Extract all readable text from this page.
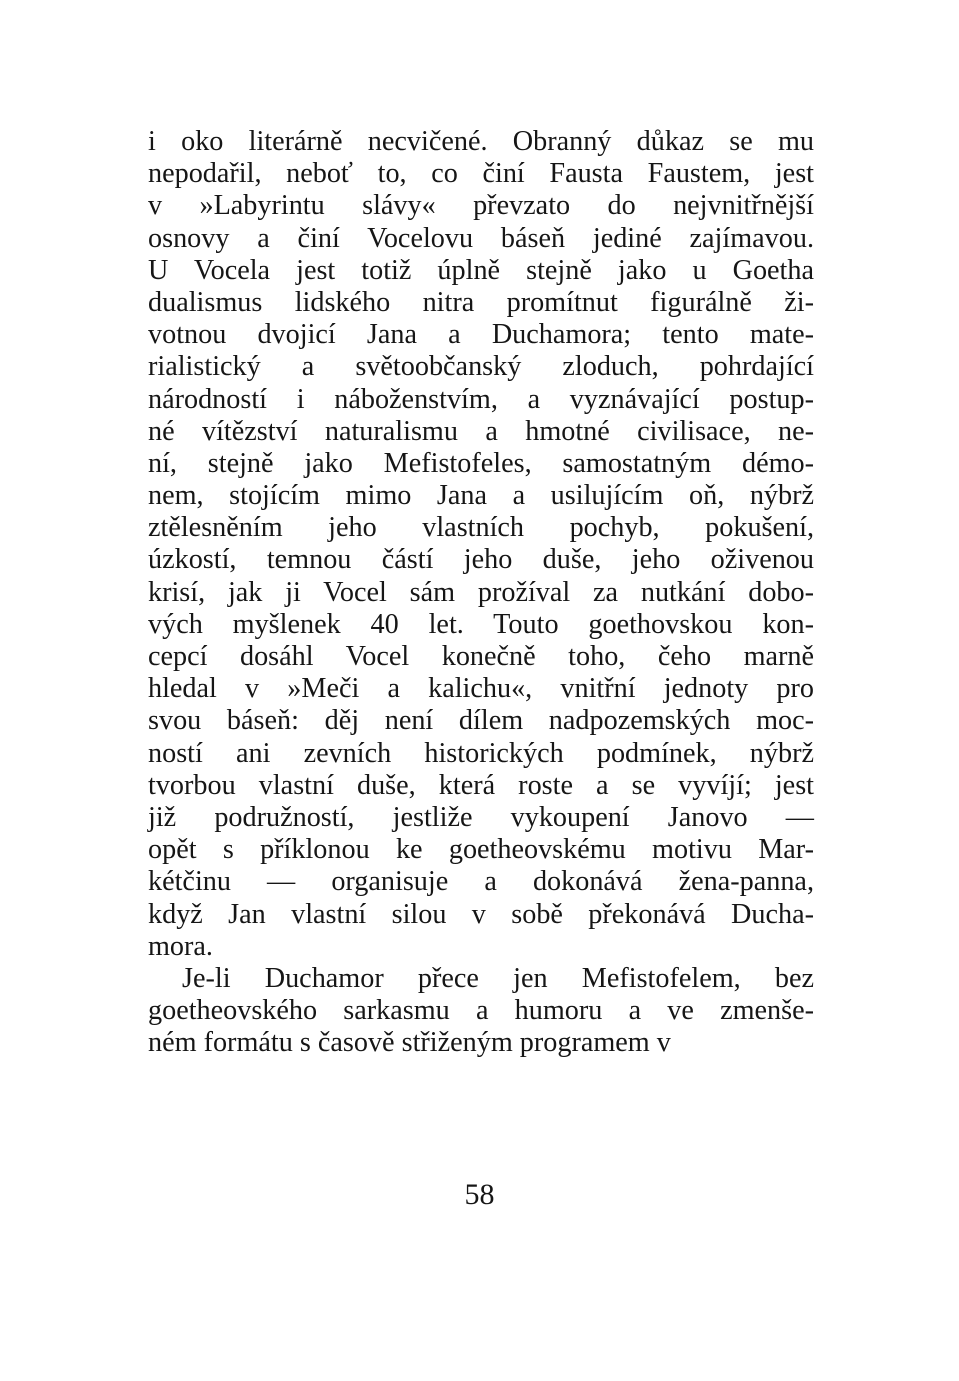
i oko literárně necvičené. Obranný důkaz se mu
nepodařil, neboť to, co činí Fausta Faustem, jest
v »Labyrintu slávy« převzato do nejvnitřnější
osnovy a činí Vocelovu báseň jediné zajímavou.
U Vocela jest totiž úplně stejně jako u Goetha
dualismus lidského nitra promítnut figurálně ži-
votnou dvojicí Jana a Duchamora; tento mate-
rialistický a světoobčanský zloduch, pohrdající
národností i náboženstvím, a vyznávající postup-
né vítězství naturalismu a hmotné civilisace, ne-
ní, stejně jako Mefistofeles, samostatným démo-
nem, stojícím mimo Jana a usilujícím oň, nýbrž
ztělesněním jeho vlastních pochyb, pokušení,
úzkostí, temnou částí jeho duše, jeho oživenou
krisí, jak ji Vocel sám prožíval za nutkání dobo-
vých myšlenek 40 let. Touto goethovskou kon-
cepcí dosáhl Vocel konečně toho, čeho marně
hledal v »Meči a kalichu«, vnitřní jednoty pro
svou báseň: děj není dílem nadpozemských moc-
ností ani zevních historických podmínek, nýbrž
tvorbou vlastní duše, která roste a se vyvíjí; jest
již podružností, jestliže vykoupení Janovo —
opět s příklonou ke goetheovskému motivu Mar-
kétčinu — organisuje a dokonává žena-panna,
když Jan vlastní silou v sobě překonává Ducha-
mora.
Je-li Duchamor přece jen Mefistofelem, bez
goetheovského sarkasmu a humoru a ve zmenše-
ném formátu s časově střiženým programem v
58
